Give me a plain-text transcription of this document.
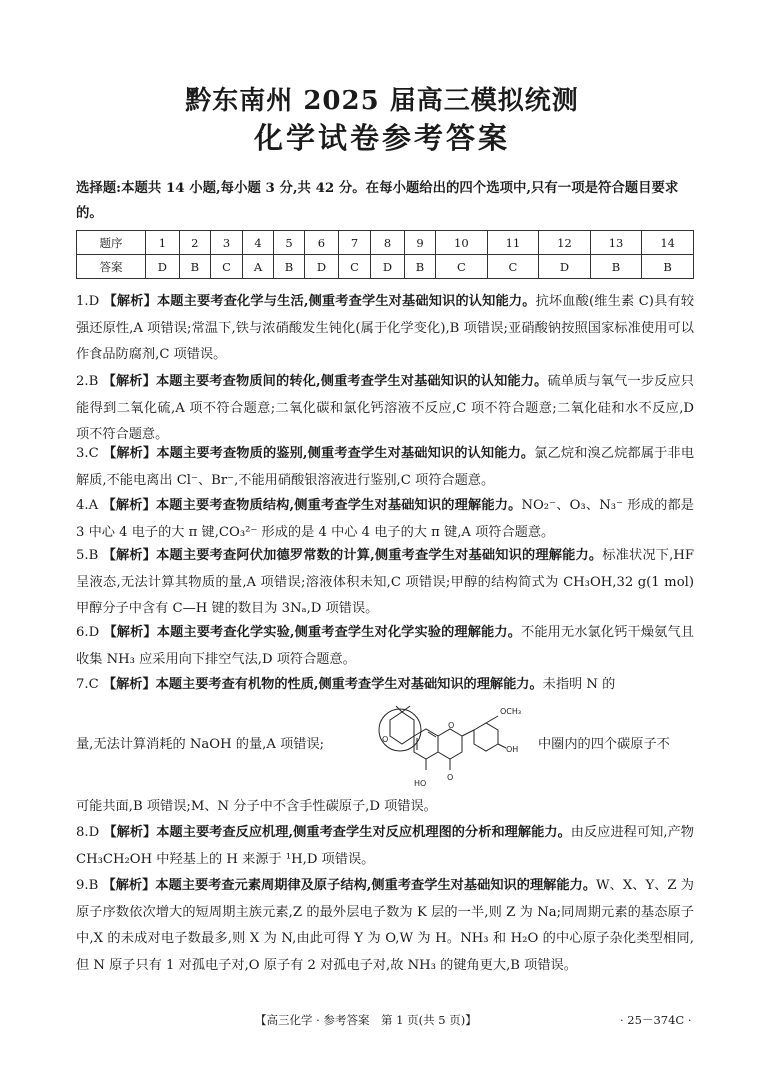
黔东南州 2025 届高三模拟统测
化学试卷参考答案
选择题:本题共 14 小题,每小题 3 分,共 42 分。在每小题给出的四个选项中,只有一项是符合题目要求的。
题序	1	2	3	4	5	6	7	8	9	10	11	12	13	14
答案	D	B	C	A	B	D	C	D	B	C	C	D	B	B
1.D 【解析】本题主要考查化学与生活,侧重考查学生对基础知识的认知能力。抗坏血酸(维生素 C)具有较强还原性,A 项错误;常温下,铁与浓硝酸发生钝化(属于化学变化),B 项错误;亚硝酸钠按照国家标准使用可以作食品防腐剂,C 项错误。
2.B 【解析】本题主要考查物质间的转化,侧重考查学生对基础知识的认知能力。硫单质与氧气一步反应只能得到二氧化硫,A 项不符合题意;二氧化碳和氯化钙溶液不反应,C 项不符合题意;二氧化硅和水不反应,D 项不符合题意。
3.C 【解析】本题主要考查物质的鉴别,侧重考查学生对基础知识的认知能力。氯乙烷和溴乙烷都属于非电解质,不能电离出 Cl⁻、Br⁻,不能用硝酸银溶液进行鉴别,C 项符合题意。
4.A 【解析】本题主要考查物质结构,侧重考查学生对基础知识的理解能力。NO₂⁻、O₃、N₃⁻ 形成的都是 3 中心 4 电子的大 π 键,CO₃²⁻ 形成的是 4 中心 4 电子的大 π 键,A 项符合题意。
5.B 【解析】本题主要考查阿伏加德罗常数的计算,侧重考查学生对基础知识的理解能力。标准状况下,HF 呈液态,无法计算其物质的量,A 项错误;溶液体积未知,C 项错误;甲醇的结构简式为 CH₃OH,32 g(1 mol)甲醇分子中含有 C—H 键的数目为 3Nₐ,D 项错误。
6.D 【解析】本题主要考查化学实验,侧重考查学生对化学实验的理解能力。不能用无水氯化钙干燥氨气且收集 NH₃ 应采用向下排空气法,D 项符合题意。
7.C 【解析】本题主要考查有机物的性质,侧重考查学生对基础知识的理解能力。未指明 N 的
量,无法计算消耗的 NaOH 的量,A 项错误;	中圈内的四个碳原子不
OCH₃
OH
HO
O
O
O
可能共面,B 项错误;M、N 分子中不含手性碳原子,D 项错误。
8.D 【解析】本题主要考查反应机理,侧重考查学生对反应机理图的分析和理解能力。由反应进程可知,产物 CH₃CH₂OH 中羟基上的 H 来源于 ¹H,D 项错误。
9.B 【解析】本题主要考查元素周期律及原子结构,侧重考查学生对基础知识的理解能力。W、X、Y、Z 为原子序数依次增大的短周期主族元素,Z 的最外层电子数为 K 层的一半,则 Z 为 Na;同周期元素的基态原子中,X 的未成对电子数最多,则 X 为 N,由此可得 Y 为 O,W 为 H。NH₃ 和 H₂O 的中心原子杂化类型相同,但 N 原子只有 1 对孤电子对,O 原子有 2 对孤电子对,故 NH₃ 的键角更大,B 项错误。
【高三化学 · 参考答案　第 1 页(共 5 页)】	· 25－374C ·
